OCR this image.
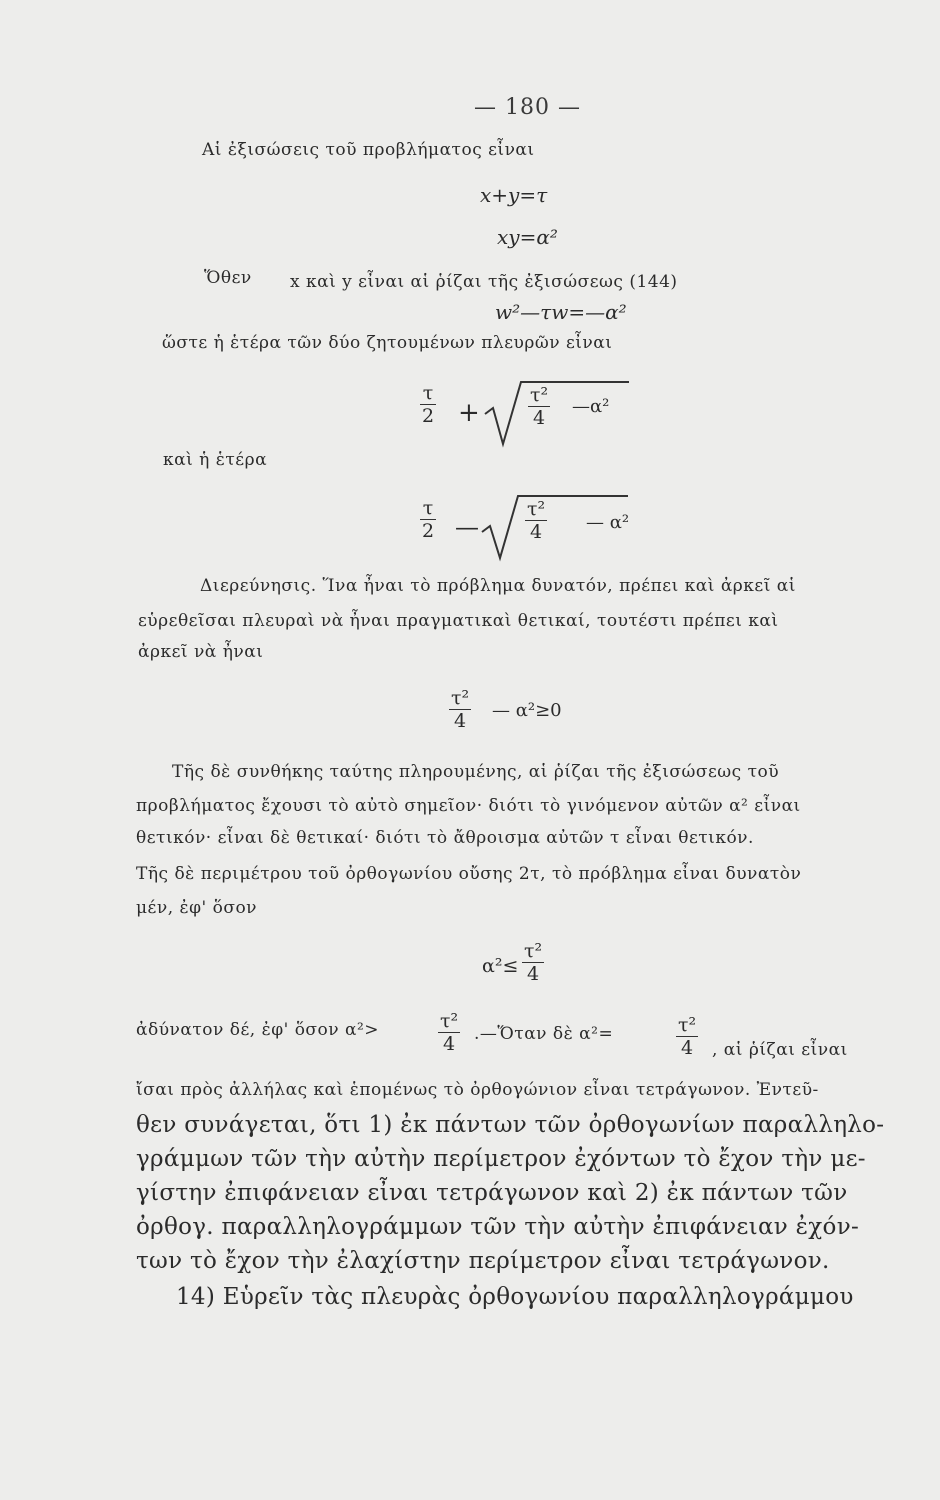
— 180 —
Αἱ ἐξισώσεις τοῦ προβλήματος εἶναι
x+y=τ
xy=α²
Ὅθεν x καὶ y εἶναι αἱ ῥίζαι τῆς ἐξισώσεως (144)
w²—τw=—α²
ὥστε ἡ ἑτέρα τῶν δύο ζητουμένων πλευρῶν εἶναι
$\frac{\tau}{2}$ +	$\frac{\text{τ²}}{4}$ —α²
καὶ ἡ ἑτέρα
$\frac{\tau}{2}$ — $\frac{\text{τ²}}{4}$ — α²
Διερεύνησις. Ἵνα ἦναι τὸ πρόβλημα δυνατόν, πρέπει καὶ ἀρκεῖ αἱ
εὑρεθεῖσαι πλευραὶ νὰ ἦναι πραγματικαὶ θετικαί, τουτέστι πρέπει καὶ
ἀρκεῖ νὰ ἦναι
$\frac{\text{τ²}}{4}$ — α²≥0
Τῆς δὲ συνθήκης ταύτης πληρουμένης, αἱ ῥίζαι τῆς ἐξισώσεως τοῦ
προβλήματος ἔχουσι τὸ αὐτὸ σημεῖον· διότι τὸ γινόμενον αὐτῶν α² εἶναι
θετικόν· εἶναι δὲ θετικαί· διότι τὸ ἄθροισμα αὐτῶν τ εἶναι θετικόν.
Τῆς δὲ περιμέτρου τοῦ ὀρθογωνίου οὔσης 2τ, τὸ πρόβλημα εἶναι δυνατὸν
μέν, ἐφ' ὅσον
$\alpha^2\le \frac{\text{τ²}}{4}$
ἀδύνατον δέ, ἐφ' ὅσον α²>	$\frac{\text{τ²}}{4}$ .—Ὅταν δὲ α²=	$\frac{\text{τ²}}{4}$ , αἱ ῥίζαι εἶναι
ἴσαι πρὸς ἀλλήλας καὶ ἑπομένως τὸ ὀρθογώνιον εἶναι τετράγωνον. Ἐντεῦ-
θεν συνάγεται, ὅτι 1) ἐκ πάντων τῶν ὀρθογωνίων παραλληλο-
γράμμων τῶν τὴν αὐτὴν περίμετρον ἐχόντων τὸ ἔχον τὴν με-
γίστην ἐπιφάνειαν εἶναι τετράγωνον καὶ 2) ἐκ πάντων τῶν
ὀρθογ. παραλληλογράμμων τῶν τὴν αὐτὴν ἐπιφάνειαν ἐχόν-
των τὸ ἔχον τὴν ἐλαχίστην περίμετρον εἶναι τετράγωνον.
14) Εὑρεῖν τὰς πλευρὰς ὀρθογωνίου παραλληλογράμμου
